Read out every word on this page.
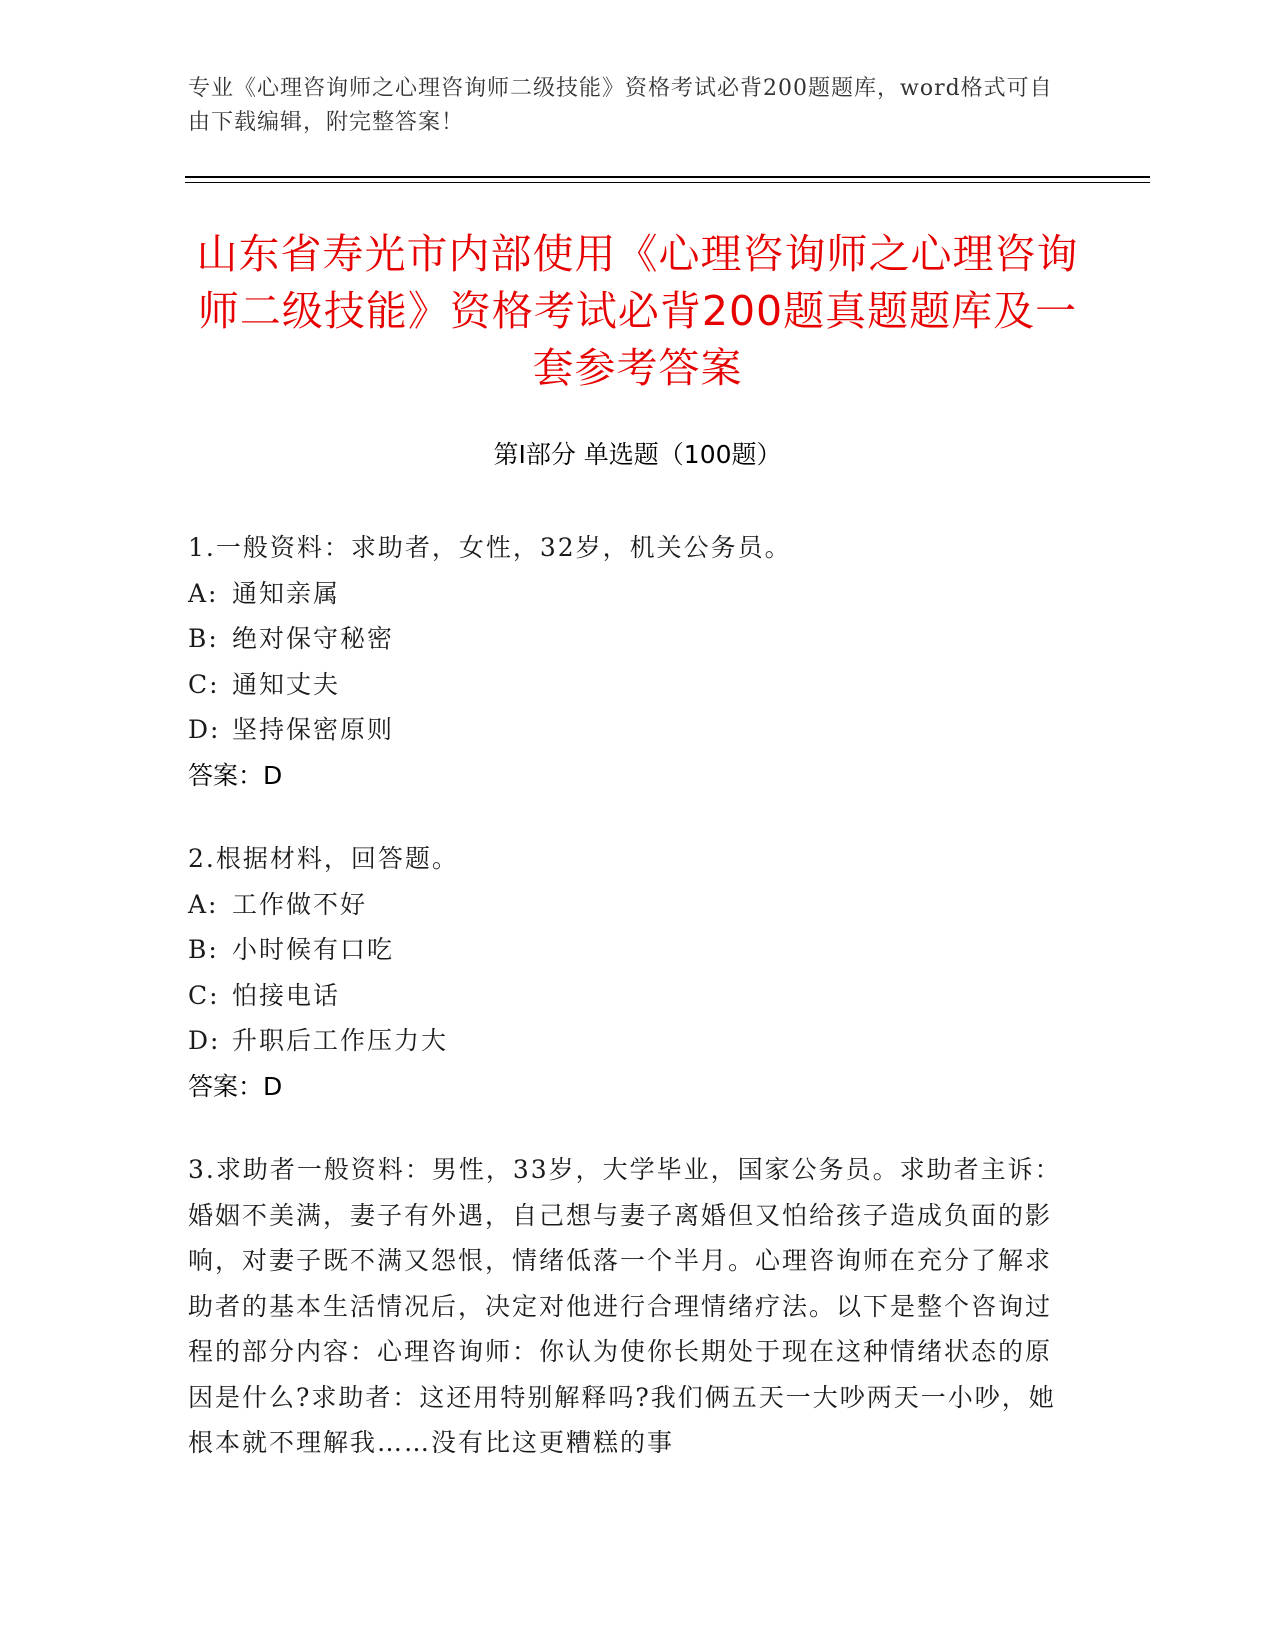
专业《心理咨询师之心理咨询师二级技能》资格考试必背200题题库，word格式可自由下载编辑，附完整答案！
山东省寿光市内部使用《心理咨询师之心理咨询师二级技能》资格考试必背200题真题题库及一套参考答案
第I部分 单选题（100题）
1.一般资料：求助者，女性，32岁，机关公务员。
A: 通知亲属
B: 绝对保守秘密
C: 通知丈夫
D: 坚持保密原则
答案：D
2.根据材料，回答题。
A: 工作做不好
B: 小时候有口吃
C: 怕接电话
D: 升职后工作压力大
答案：D
3.求助者一般资料：男性，33岁，大学毕业，国家公务员。求助者主诉：婚姻不美满，妻子有外遇，自己想与妻子离婚但又怕给孩子造成负面的影响，对妻子既不满又怨恨，情绪低落一个半月。心理咨询师在充分了解求助者的基本生活情况后，决定对他进行合理情绪疗法。以下是整个咨询过程的部分内容：心理咨询师：你认为使你长期处于现在这种情绪状态的原因是什么?求助者：这还用特别解释吗?我们俩五天一大吵两天一小吵，她根本就不理解我……没有比这更糟糕的事
